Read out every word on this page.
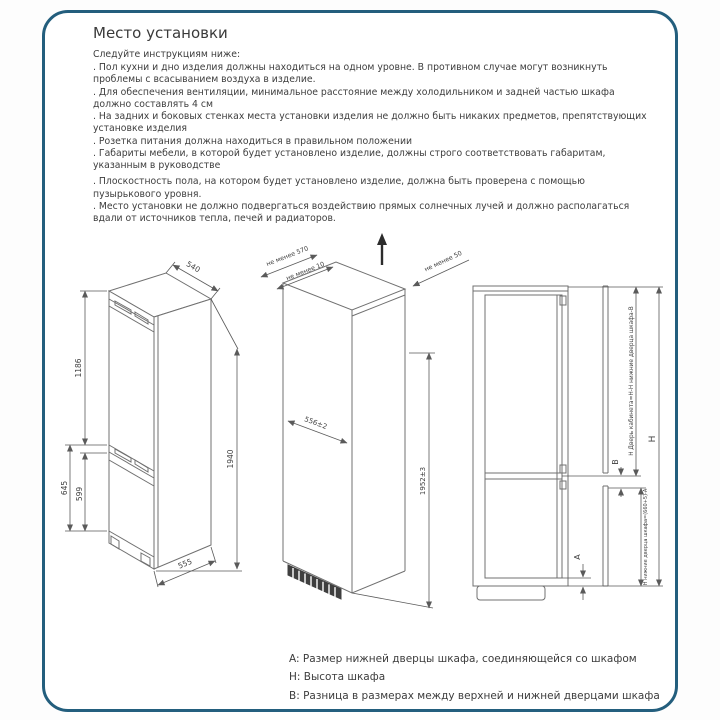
Место установки

Следуйте инструкциям ниже:

. Пол кухни и дно изделия должны находиться на одном уровне. В противном случае могут возникнуть проблемы с всасыванием воздуха в изделие.

. Для обеспечения вентиляции, минимальное расстояние между холодильником и задней частью шкафа должно составлять 4 см

. На задних и боковых стенках места установки изделия не должно быть никаких предметов, препятствующих установке изделия

. Розетка питания должна находиться в правильном положении

. Габариты мебели, в которой будет установлено изделие, должны строго соответствовать габаритам, указанным в руководстве

. Плоскостность пола, на котором будет установлено изделие, должна быть проверена с помощью пузырькового уровня.

. Место установки не должно подвергаться воздействию прямых солнечных лучей и должно располагаться вдали от источников тепла, печей и радиаторов.

540
1186
645 599
1940
555
не менее 570
не менее 10	не менее 50
556±2
1952±3
B
Н Дверь кабинета=Н-Н нижние дверца шкафа-В
Н нижние дверца шкафа=(660+5)-А
H
A

A: Размер нижней дверцы шкафа, соединяющейся со шкафом

H: Высота шкафа

B: Разница в размерах между верхней и нижней дверцами шкафа
